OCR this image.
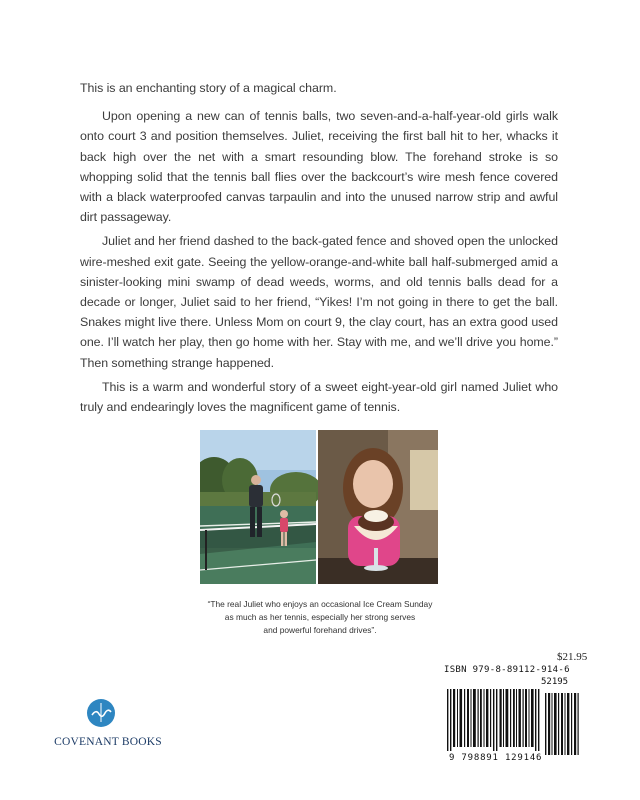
This is an enchanting story of a magical charm.

Upon opening a new can of tennis balls, two seven-and-a-half-year-old girls walk onto court 3 and position themselves. Juliet, receiving the first ball hit to her, whacks it back high over the net with a smart resounding blow. The forehand stroke is so whopping solid that the tennis ball flies over the backcourt’s wire mesh fence covered with a black waterproofed canvas tarpaulin and into the unused narrow strip and awful dirt passageway.

Juliet and her friend dashed to the back-gated fence and shoved open the unlocked wire-meshed exit gate. Seeing the yellow-orange-and-white ball half-submerged amid a sinister-looking mini swamp of dead weeds, worms, and old tennis balls dead for a decade or longer, Juliet said to her friend, “Yikes! I’m not going in there to get the ball. Snakes might live there. Unless Mom on court 9, the clay court, has an extra good used one. I’ll watch her play, then go home with her. Stay with me, and we’ll drive you home.” Then something strange happened.

This is a warm and wonderful story of a sweet eight-year-old girl named Juliet who truly and endearingly loves the magnificent game of tennis.

“The real Juliet who enjoys an occasional Ice Cream Sunday
as much as her tennis, especially her strong serves
and powerful forehand drives”.
$21.95
ISBN 979-8-89112-914-6
52195
9 798891 129146
COVENANT BOOKS
